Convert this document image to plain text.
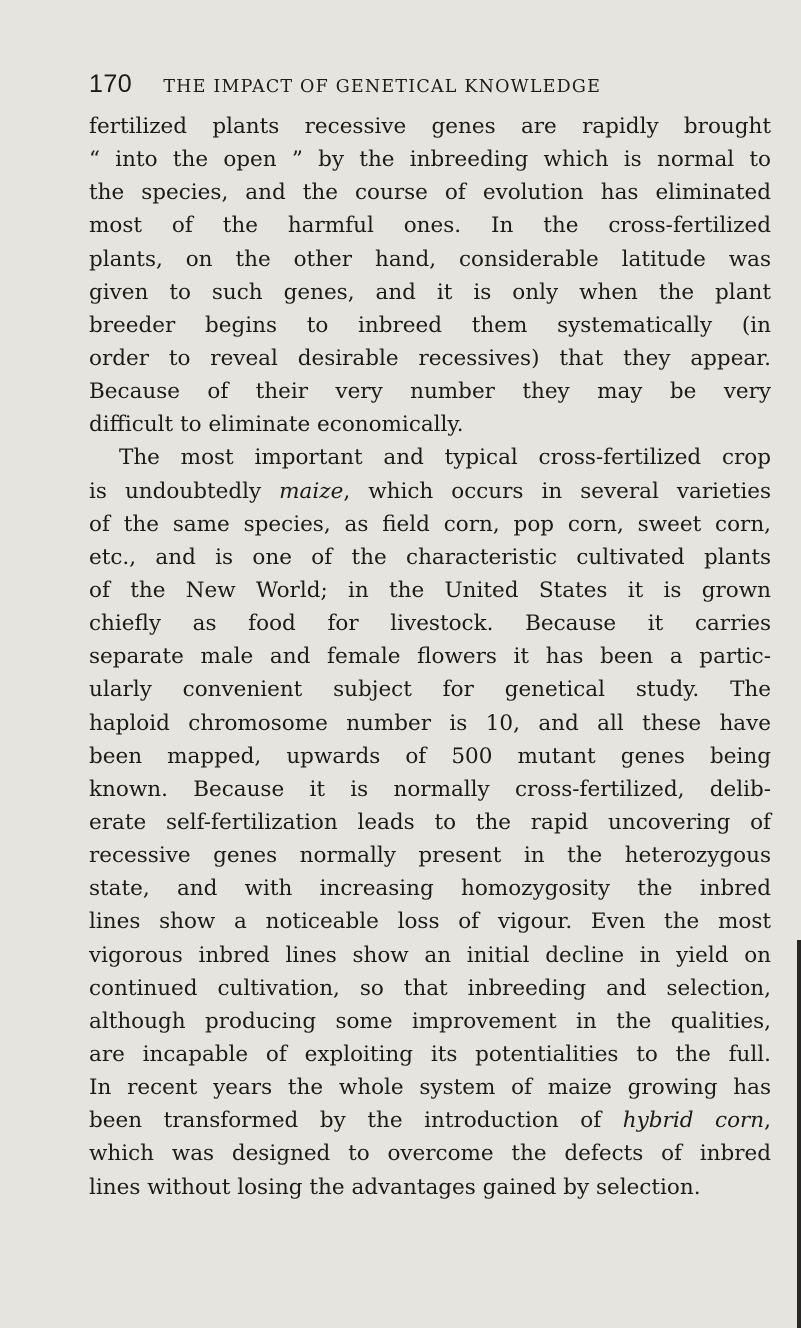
170 THE IMPACT OF GENETICAL KNOWLEDGE
fertilized plants recessive genes are rapidly brought
“ into the open ” by the inbreeding which is normal to
the species, and the course of evolution has eliminated
most of the harmful ones. In the cross-fertilized
plants, on the other hand, considerable latitude was
given to such genes, and it is only when the plant
breeder begins to inbreed them systematically (in
order to reveal desirable recessives) that they appear.
Because of their very number they may be very
difficult to eliminate economically.
The most important and typical cross-fertilized crop
is undoubtedly maize, which occurs in several varieties
of the same species, as field corn, pop corn, sweet corn,
etc., and is one of the characteristic cultivated plants
of the New World; in the United States it is grown
chiefly as food for livestock. Because it carries
separate male and female flowers it has been a partic-
ularly convenient subject for genetical study. The
haploid chromosome number is 10, and all these have
been mapped, upwards of 500 mutant genes being
known. Because it is normally cross-fertilized, delib-
erate self-fertilization leads to the rapid uncovering of
recessive genes normally present in the heterozygous
state, and with increasing homozygosity the inbred
lines show a noticeable loss of vigour. Even the most
vigorous inbred lines show an initial decline in yield on
continued cultivation, so that inbreeding and selection,
although producing some improvement in the qualities,
are incapable of exploiting its potentialities to the full.
In recent years the whole system of maize growing has
been transformed by the introduction of hybrid corn,
which was designed to overcome the defects of inbred
lines without losing the advantages gained by selection.
